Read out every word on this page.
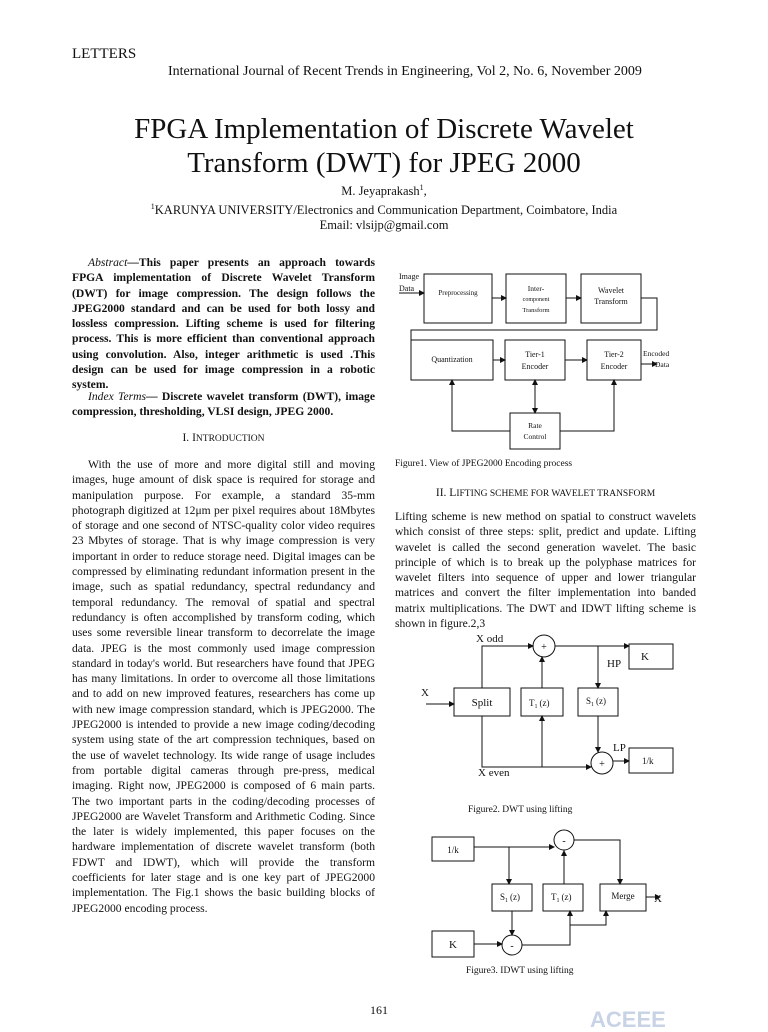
LETTERS
International Journal of Recent Trends in Engineering, Vol 2, No. 6, November 2009
FPGA Implementation of Discrete Wavelet
Transform (DWT) for JPEG 2000
M. Jeyaprakash$^1$,
$^1$KARUNYA UNIVERSITY/Electronics and Communication Department, Coimbatore, India
Email: vlsijp@gmail.com
Abstract—This paper presents an approach towards FPGA implementation of Discrete Wavelet Transform (DWT) for image compression. The design follows the JPEG2000 standard and can be used for both lossy and lossless compression. Lifting scheme is used for filtering process. This is more efficient than conventional approach using convolution. Also, integer arithmetic is used .This design can be used for image compression in a robotic system.
Index Terms— Discrete wavelet transform (DWT), image compression, thresholding, VLSI design, JPEG 2000.
I. INTRODUCTION
With the use of more and more digital still and moving images, huge amount of disk space is required for storage and manipulation purpose. For example, a standard 35-mm photograph digitized at 12μm per pixel requires about 18Mbytes of storage and one second of NTSC-quality color video requires 23 Mbytes of storage. That is why image compression is very important in order to reduce storage need. Digital images can be compressed by eliminating redundant information present in the image, such as spatial redundancy, spectral redundancy and temporal redundancy. The removal of spatial and spectral redundancy is often accomplished by transform coding, which uses some reversible linear transform to decorrelate the image data. JPEG is the most commonly used image compression standard in today's world. But researchers have found that JPEG has many limitations. In order to overcome all those limitations and to add on new improved features, researchers has come up with new image compression standard, which is JPEG2000. The JPEG2000 is intended to provide a new image coding/decoding system using state of the art compression techniques, based on the use of wavelet technology. Its wide range of usage includes from portable digital cameras through pre-press, medical imaging. Right now, JPEG2000 is composed of 6 main parts. The two important parts in the coding/decoding processes of JPEG2000 are Wavelet Transform and Arithmetic Coding. Since the later is widely implemented, this paper focuses on the hardware implementation of discrete wavelet transform (both FDWT and IDWT), which will provide the transform coefficients for later stage and is one key part of JPEG2000 implementation. The Fig.1 shows the basic building blocks of JPEG2000 encoding process.
Image
Data	Preprocessing	Inter-
component
Transform
Wavelet
Transform
Quantization
Tier-1
Encoder
Tier-2
Encoder
Encoded
Data
Rate
Control
Figure1. View of JPEG2000 Encoding process
II. LIFTING SCHEME FOR WAVELET TRANSFORM
Lifting scheme is new method on spatial to construct wavelets which consist of three steps: split, predict and update. Lifting wavelet is called the second generation wavelet. The basic principle of which is to break up the polyphase matrices for wavelet filters into sequence of upper and lower triangular matrices and convert the filter implementation into banded matrix multiplications. The DWT and IDWT lifting scheme is shown in figure.2,3
X odd
X even
X
Split	$T_1$ (z)	$S_1$ (z)
+
+
K
HP
LP
1/k
Figure2. DWT using lifting
1/k
K
-
-
$S_1$ (z)	$T_1$ (z)	Merge X
Figure3. IDWT using lifting
161	ACEEE
